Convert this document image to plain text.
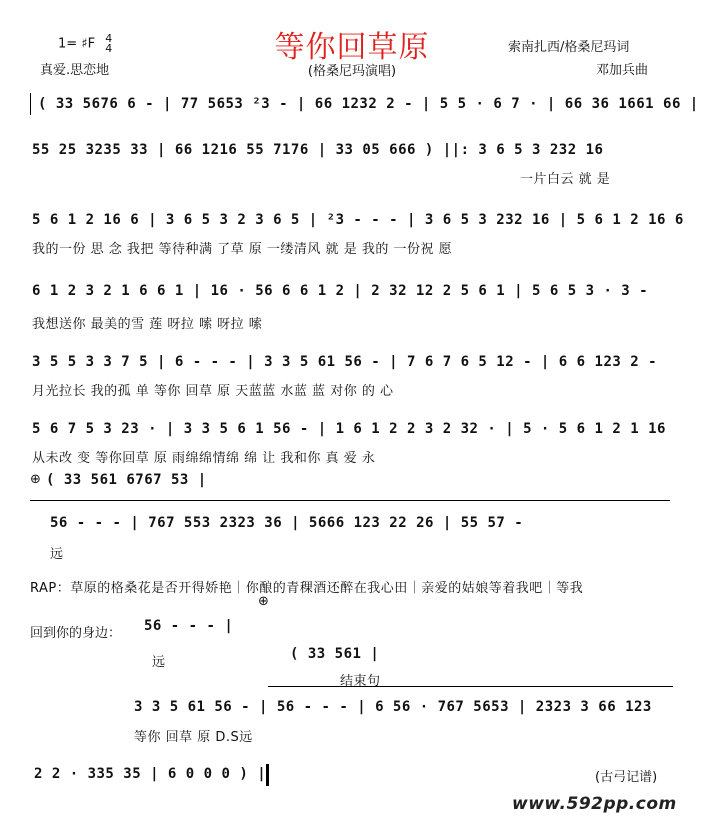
等你回草原
1= ♯F 4
4
真爱.思恋地	(格桑尼玛演唱)
索南扎西/格桑尼玛词
邓加兵曲
( 33 5676 6 - | 77 5653 ²3 - | 66 1232 2 - | 5 5 · 6 7 · | 66 36 1661 66 |
55 25 3235 33 | 66 1216 55 7176 | 33 05 666 ) ||: 3 6 5 3 232 16
一片白云 就 是
5 6 1 2 16 6 | 3 6 5 3 2 3 6 5 | ²3 - - - | 3 6 5 3 232 16 | 5 6 1 2 16 6
我的一份 思 念 我把 等待种满 了草 原 一缕清风 就 是 我的 一份祝 愿
6 1 2 3 2 1 6 6 1 | 16 · 56 6 6 1 2 | 2 32 12 2 5 6 1 | 5 6 5 3 · 3 -
我想送你 最美的雪 莲 呀拉 嗦 呀拉 嗦
3 5 5 3 3 7 5 | 6 - - - | 3 3 5 61 56 - | 7 6 7 6 5 12 - | 6 6 123 2 -
月光拉长 我的孤 单 等你 回草 原 天蓝蓝 水蓝 蓝 对你 的 心
5 6 7 5 3 23 · | 3 3 5 6 1 56 - | 1 6 1 2 2 3 2 32 · | 5 · 5 6 1 2 1 16
从未改 变 等你回草 原 雨绵绵情绵 绵 让 我和你 真 爱 永
⊕ ( 33 561 6767 53 |
56 - - - | 767 553 2323 36 | 5666 123 22 26 | 55 57 -
远
RAP：草原的格桑花是否开得娇艳｜你酿的青稞酒还醉在我心田｜亲爱的姑娘等着我吧｜等我
⊕
回到你的身边： 56 - - - |
远
( 33 561 |
结束句
3 3 5 61 56 - | 56 - - - | 6 56 · 767 5653 | 2323 3 66 123
等你 回草 原 D.S远
2 2 · 335 35 | 6 0 0 0 ) |	(古弓记谱)
www.592pp.com
